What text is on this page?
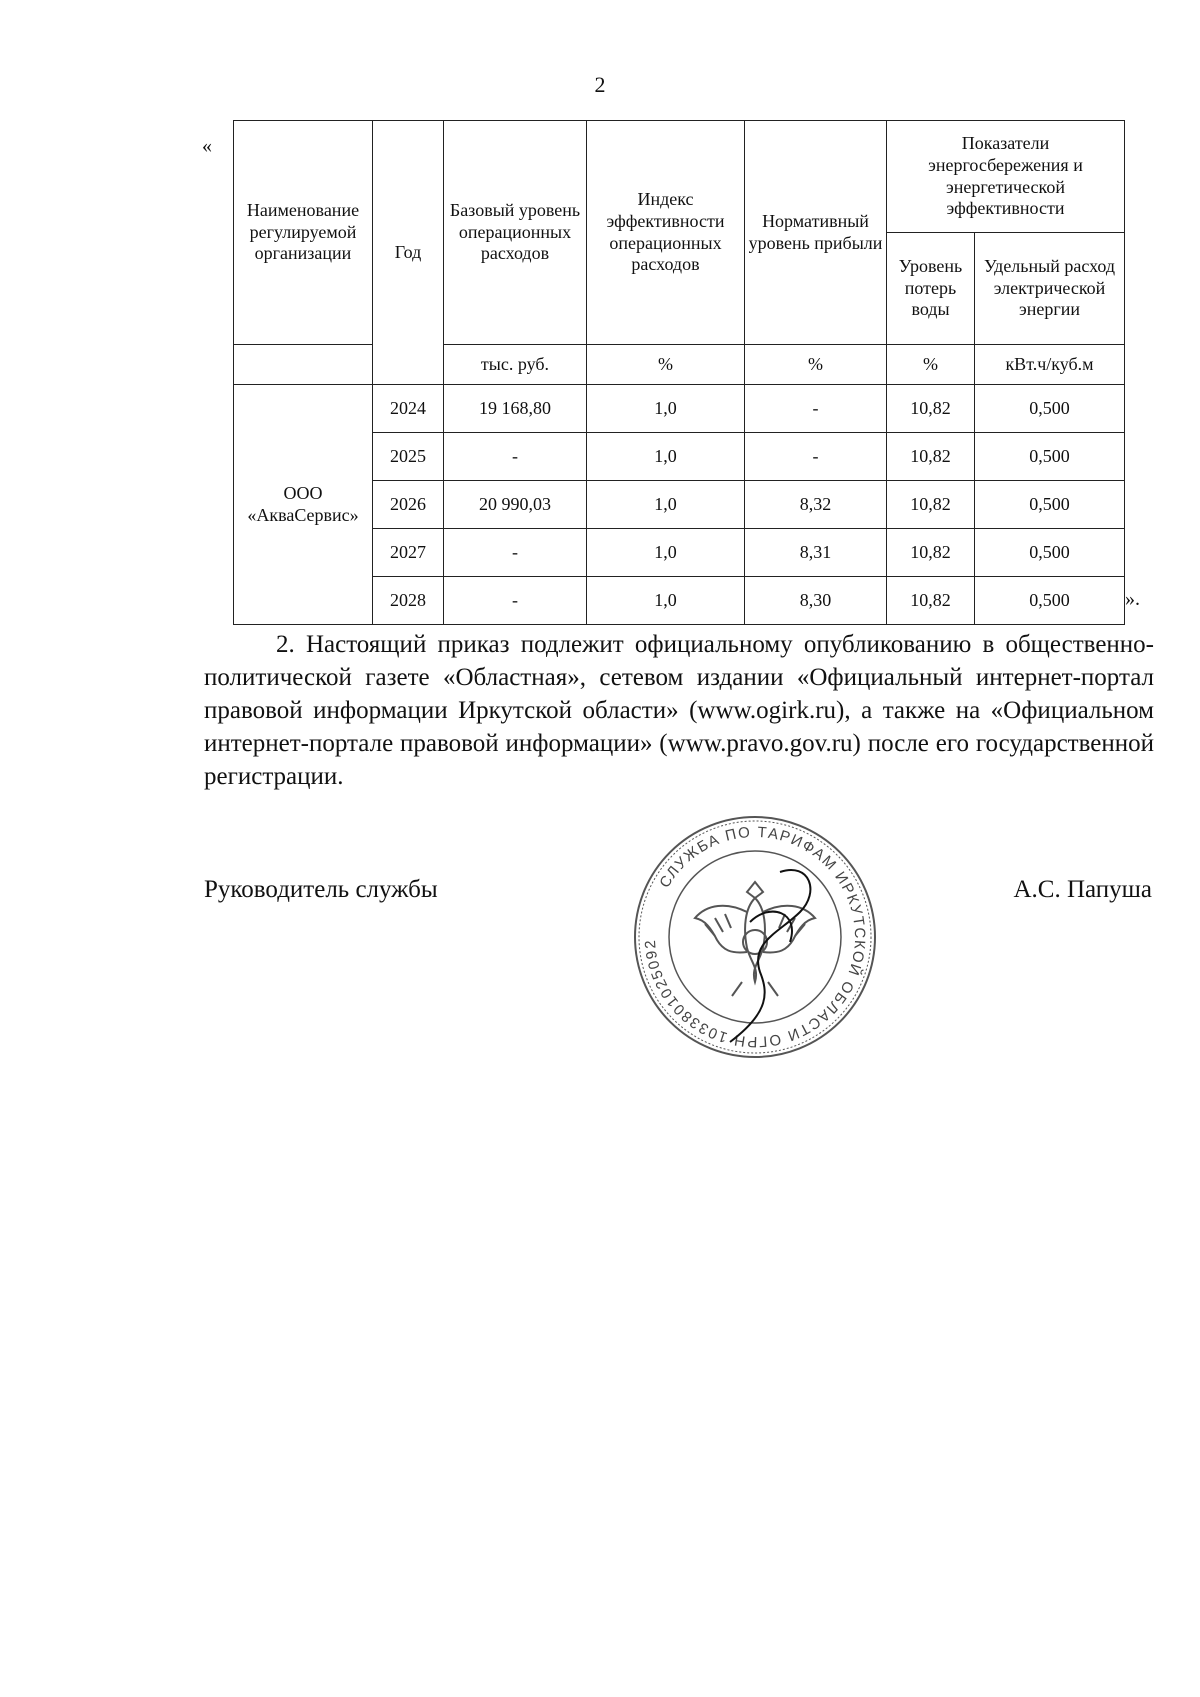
2
«
Наименование регулируемой организации	Год	Базовый уровень операционных расходов	Индекс эффективности операционных расходов	Нормативный уровень прибыли	Показатели энергосбережения и энергетической эффективности	
					Уровень потерь воды	Удельный расход электрической энергии
		тыс. руб.	%	%	%	кВт.ч/куб.м
ООО «АкваСервис»	2024	19 168,80	1,0	-	10,82	0,500
	2025	-	1,0	-	10,82	0,500
	2026	20 990,03	1,0	8,32	10,82	0,500
	2027	-	1,0	8,31	10,82	0,500
	2028	-	1,0	8,30	10,82	0,500	».

2. Настоящий приказ подлежит официальному опубликованию в общественно-политической газете «Областная», сетевом издании «Официальный интернет-портал правовой информации Иркутской области» (www.ogirk.ru), а также на «Официальном интернет-портале правовой информации» (www.pravo.gov.ru) после его государственной регистрации.

Руководитель службы	СЛУЖБА ПО ТАРИФАМ ИРКУТСКОЙ ОБЛАСТИ ОГРН 1033801025092
А.С. Папуша
